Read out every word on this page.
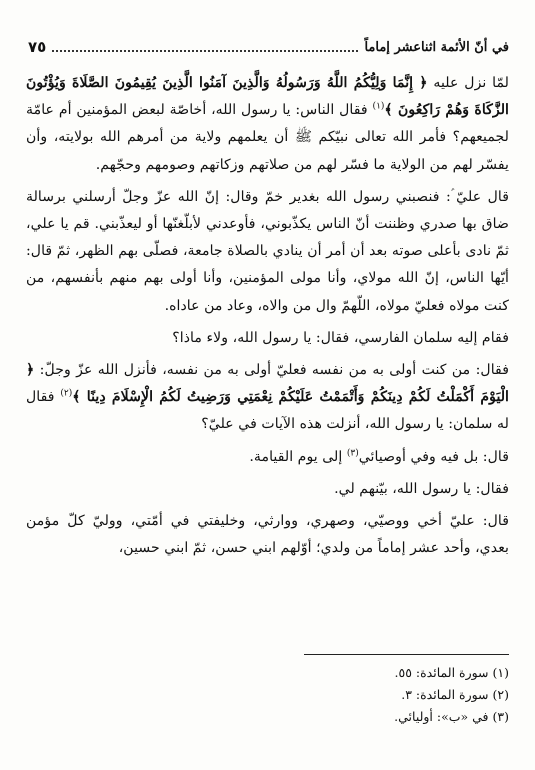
٧٥	في أنّ الأئمة اثناعشر إماماً

لمّا نزل عليه ﴿ إِنَّمَا وَلِيُّكُمُ اللَّهُ وَرَسُولُهُ وَالَّذِينَ آمَنُوا الَّذِينَ يُقِيمُونَ الصَّلَاةَ وَيُؤْتُونَ الزَّكَاةَ وَهُمْ رَاكِعُونَ ﴾$^{(١)}$ فقال الناس: يا رسول الله، أخاصّة لبعض المؤمنين أم عامّة لجميعهم؟ فأمر الله تعالى نبيّكم ﷺ أن يعلمهم ولاية من أمرهم الله بولايته، وأن يفسّر لهم من الولاية ما فسّر لهم من صلاتهم وزكاتهم وصومهم وحجّهم.

قال عليّ ؑ: فنصبني رسول الله بغدير خمّ وقال: إنّ الله عزّ وجلّ أرسلني برسالة ضاق بها صدري وظننت أنّ الناس يكذّبوني، فأوعدني لأبلّغنّها أو ليعذّبني. قم يا علي، ثمّ نادى بأعلى صوته بعد أن أمر أن ينادي بالصلاة جامعة، فصلّى بهم الظهر، ثمّ قال: أيّها الناس، إنّ الله مولاي، وأنا مولى المؤمنين، وأنا أولى بهم منهم بأنفسهم، من كنت مولاه فعليّ مولاه، اللّهمّ وال من والاه، وعاد من عاداه.

فقام إليه سلمان الفارسي، فقال: يا رسول الله، ولاء ماذا؟

فقال: من كنت أولى به من نفسه فعليّ أولى به من نفسه، فأنزل الله عزّ وجلّ: ﴿ الْيَوْمَ أَكْمَلْتُ لَكُمْ دِينَكُمْ وَأَتْمَمْتُ عَلَيْكُمْ نِعْمَتِي وَرَضِيتُ لَكُمُ الْإِسْلَامَ دِينًا ﴾$^{(٢)}$ فقال له سلمان: يا رسول الله، أنزلت هذه الآيات في عليّ؟

قال: بل فيه وفي أوصيائي$^{(٣)}$ إلى يوم القيامة.

فقال: يا رسول الله، بيّنهم لي.

قال: عليّ أخي ووصيّي، وصهري، ووارثي، وخليفتي في أمّتي، ووليّ كلّ مؤمن بعدي، وأحد عشر إماماً من ولدي؛ أوّلهم ابني حسن، ثمّ ابني حسين،

(١) سورة المائدة: ٥٥.
(٢) سورة المائدة: ٣.
(٣) في «ب»: أوليائي.
